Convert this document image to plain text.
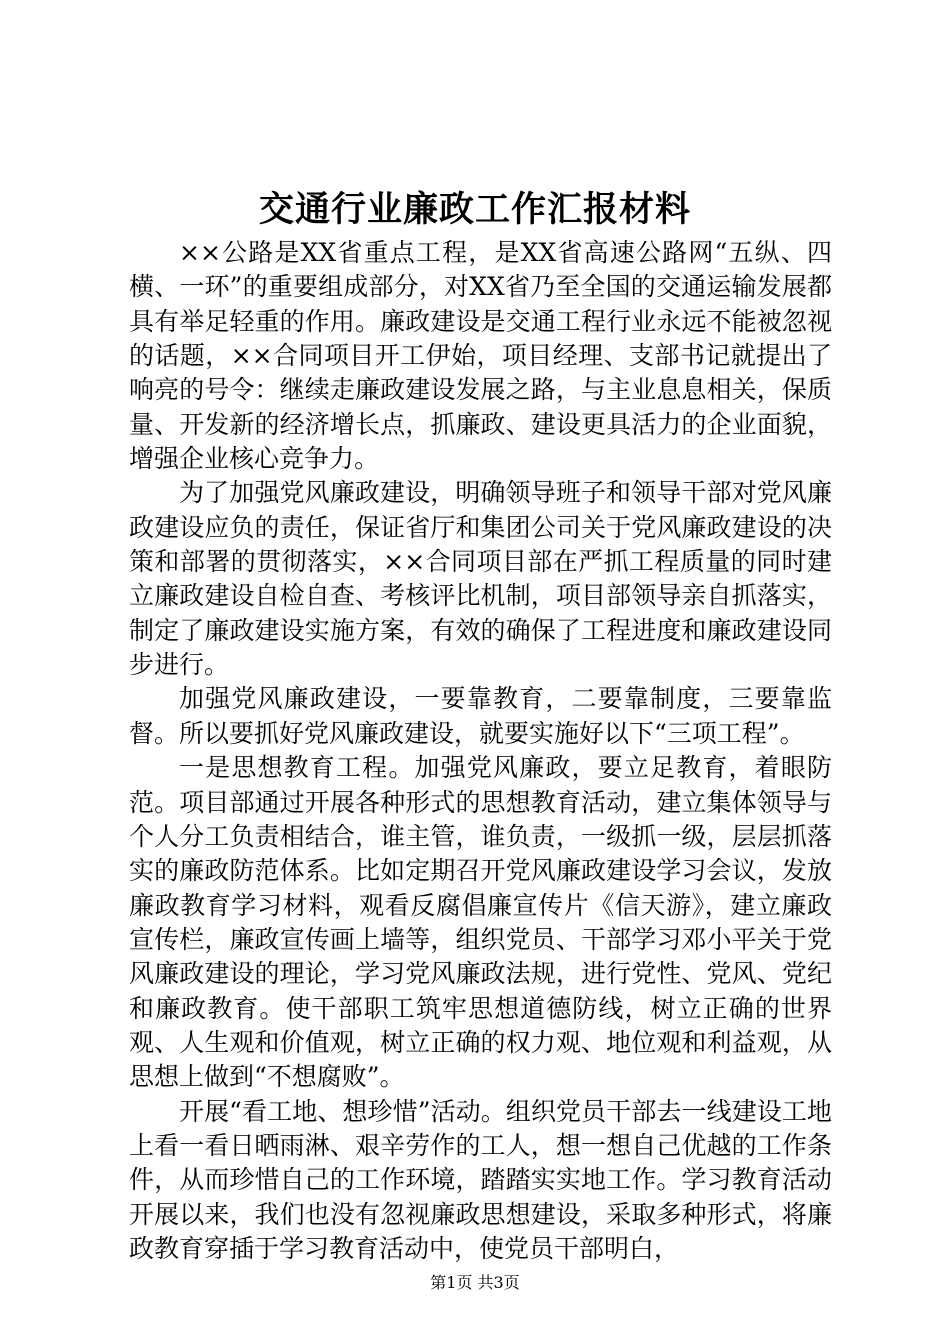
交通行业廉政工作汇报材料

××公路是XX省重点工程，是XX省高速公路网“五纵、四横、一环”的重要组成部分，对XX省乃至全国的交通运输发展都具有举足轻重的作用。廉政建设是交通工程行业永远不能被忽视的话题，××合同项目开工伊始，项目经理、支部书记就提出了响亮的号令：继续走廉政建设发展之路，与主业息息相关，保质量、开发新的经济增长点，抓廉政、建设更具活力的企业面貌，增强企业核心竞争力。

为了加强党风廉政建设，明确领导班子和领导干部对党风廉政建设应负的责任，保证省厅和集团公司关于党风廉政建设的决策和部署的贯彻落实，××合同项目部在严抓工程质量的同时建立廉政建设自检自查、考核评比机制，项目部领导亲自抓落实，制定了廉政建设实施方案，有效的确保了工程进度和廉政建设同步进行。

加强党风廉政建设，一要靠教育，二要靠制度，三要靠监督。所以要抓好党风廉政建设，就要实施好以下“三项工程”。

一是思想教育工程。加强党风廉政，要立足教育，着眼防范。项目部通过开展各种形式的思想教育活动，建立集体领导与个人分工负责相结合，谁主管，谁负责，一级抓一级，层层抓落实的廉政防范体系。比如定期召开党风廉政建设学习会议，发放廉政教育学习材料，观看反腐倡廉宣传片《信天游》，建立廉政宣传栏，廉政宣传画上墙等，组织党员、干部学习邓小平关于党风廉政建设的理论，学习党风廉政法规，进行党性、党风、党纪和廉政教育。使干部职工筑牢思想道德防线，树立正确的世界观、人生观和价值观，树立正确的权力观、地位观和利益观，从思想上做到“不想腐败”。

开展“看工地、想珍惜”活动。组织党员干部去一线建设工地上看一看日晒雨淋、艰辛劳作的工人，想一想自己优越的工作条件，从而珍惜自己的工作环境，踏踏实实地工作。学习教育活动开展以来，我们也没有忽视廉政思想建设，采取多种形式，将廉政教育穿插于学习教育活动中，使党员干部明白，

第1页 共3页
